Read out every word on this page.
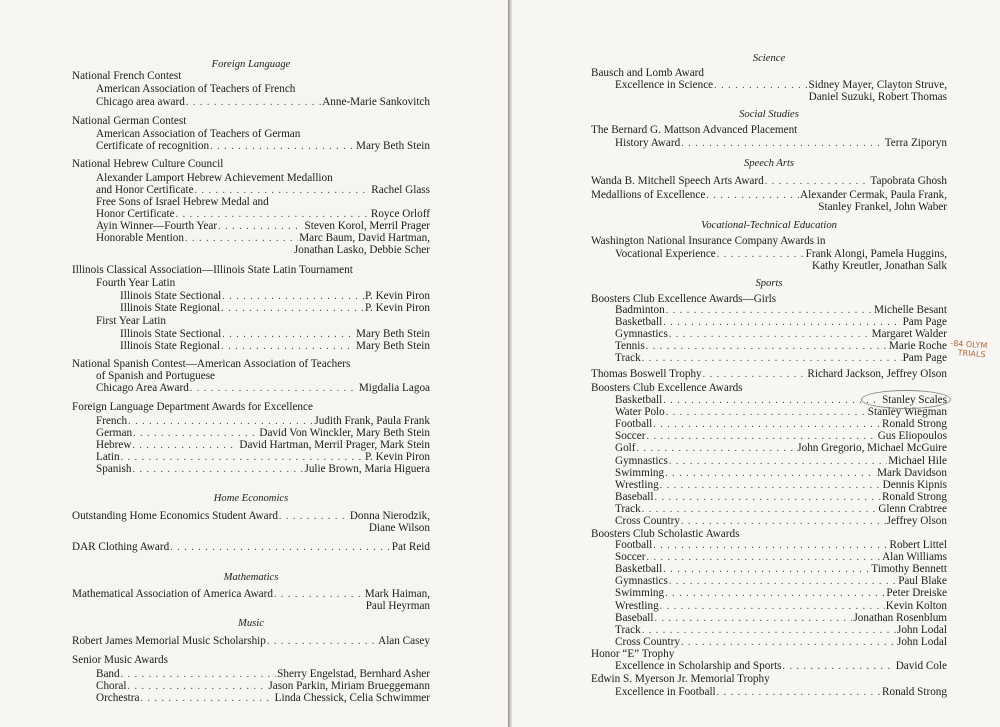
Foreign Language
National French Contest
American Association of Teachers of French
Chicago area award . . .	Anne-Marie Sankovitch
National German Contest
American Association of Teachers of German
Certificate of recognition . . .	Mary Beth Stein
National Hebrew Culture Council
Alexander Lamport Hebrew Achievement Medallion
and Honor Certificate . . .	Rachel Glass
Free Sons of Israel Hebrew Medal and
Honor Certificate . . .	Royce Orloff
Ayin Winner—Fourth Year . . .	Steven Korol, Merril Prager
Honorable Mention . . .	Marc Baum, David Hartman,
Jonathan Lasko, Debbie Scher
Illinois Classical Association—Illinois State Latin Tournament
Fourth Year Latin
Illinois State Sectional . . .	P. Kevin Piron
Illinois State Regional . . .	P. Kevin Piron
First Year Latin
Illinois State Sectional . . .	Mary Beth Stein
Illinois State Regional . . .	Mary Beth Stein
National Spanish Contest—American Association of Teachers
of Spanish and Portuguese
Chicago Area Award . . .	Migdalia Lagoa
Foreign Language Department Awards for Excellence
French . . .	Judith Frank, Paula Frank
German . . .	David Von Winckler, Mary Beth Stein
Hebrew . . .	David Hartman, Merril Prager, Mark Stein
Latin . . .	P. Kevin Piron
Spanish . . .	Julie Brown, Maria Higuera
Home Economics
Outstanding Home Economics Student Award . . .	Donna Nierodzik,
Diane Wilson
DAR Clothing Award . . .	Pat Reid
Mathematics
Mathematical Association of America Award . . .	Mark Haiman,
Paul Heyrman
Music
Robert James Memorial Music Scholarship . . .	Alan Casey
Senior Music Awards
Band . . .	Sherry Engelstad, Bernhard Asher
Choral . . .	Jason Parkin, Miriam Brueggemann
Orchestra . . .	Linda Chessick, Celia Schwimmer
Science
Bausch and Lomb Award
Excellence in Science . . .	Sidney Mayer, Clayton Struve,
Daniel Suzuki, Robert Thomas
Social Studies
The Bernard G. Mattson Advanced Placement
History Award . . .	Terra Ziporyn
Speech Arts
Wanda B. Mitchell Speech Arts Award . . .	Tapobrata Ghosh
Medallions of Excellence . . .	Alexander Cermak, Paula Frank,
Stanley Frankel, John Waber
Vocational-Technical Education
Washington National Insurance Company Awards in
Vocational Experience . . .	Frank Alongi, Pamela Huggins,
Kathy Kreutler, Jonathan Salk
Sports
Boosters Club Excellence Awards—Girls
Badminton . . .	Michelle Besant
Basketball . . .	Pam Page
Gymnastics . . .	Margaret Walder
Tennis . . .	Marie Roche
Track . . .	Pam Page
Thomas Boswell Trophy . . .	Richard Jackson, Jeffrey Olson
Boosters Club Excellence Awards
Basketball . . .	Stanley Scales
Water Polo . . .	Stanley Wiegman
Football . . .	Ronald Strong
Soccer . . .	Gus Eliopoulos
Golf . . .	John Gregorio, Michael McGuire
Gymnastics . . .	Michael Hile
Swimming . . .	Mark Davidson
Wrestling . . .	Dennis Kipnis
Baseball . . .	Ronald Strong
Track . . .	Glenn Crabtree
Cross Country . . .	Jeffrey Olson
Boosters Club Scholastic Awards
Football . . .	Robert Littel
Soccer . . .	Alan Williams
Basketball . . .	Timothy Bennett
Gymnastics . . .	Paul Blake
Swimming . . .	Peter Dreiske
Wrestling . . .	Kevin Kolton
Baseball . . .	Jonathan Rosenblum
Track . . .	John Lodal
Cross Country . . .	John Lodal
Honor “E” Trophy
Excellence in Scholarship and Sports . . .	David Cole
Edwin S. Myerson Jr. Memorial Trophy
Excellence in Football . . .	Ronald Strong
-84 OLYM
TRIALS
